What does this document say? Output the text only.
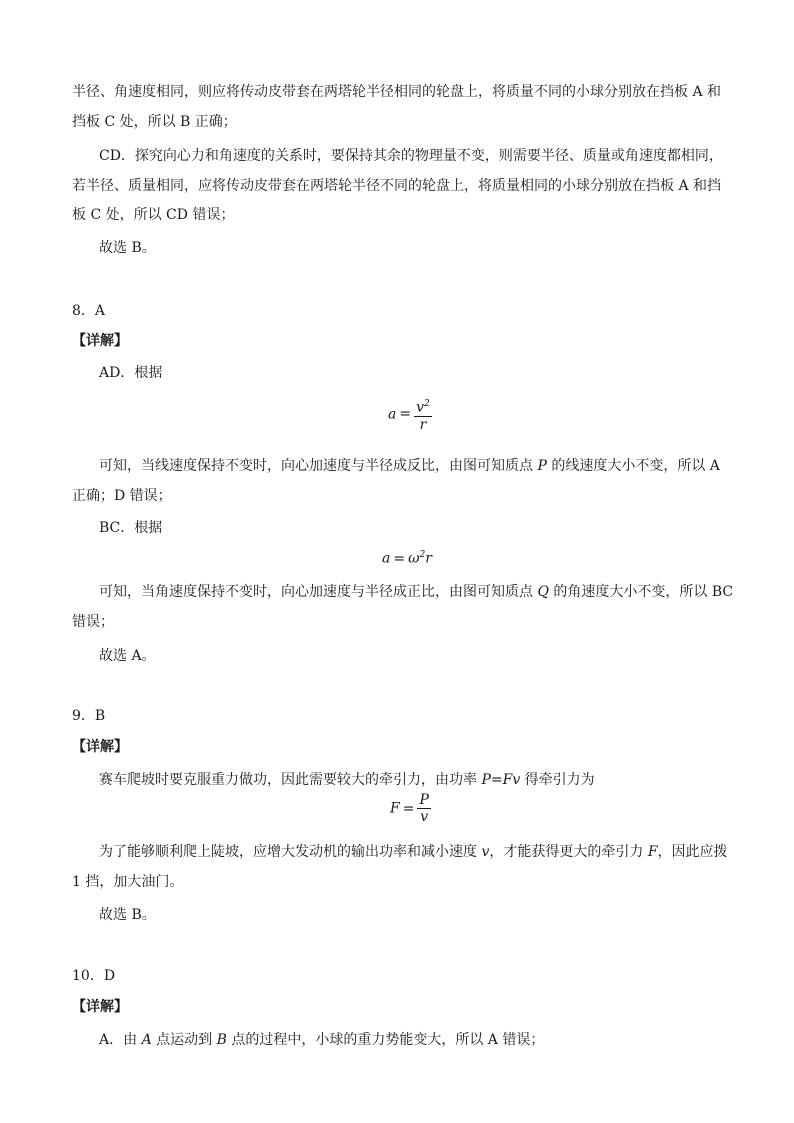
半径、角速度相同，则应将传动皮带套在两塔轮半径相同的轮盘上，将质量不同的小球分别放在挡板 A 和
挡板 C 处，所以 B 正确；
CD．探究向心力和角速度的关系时，要保持其余的物理量不变，则需要半径、质量或角速度都相同，
若半径、质量相同，应将传动皮带套在两塔轮半径不同的轮盘上，将质量相同的小球分别放在挡板 A 和挡
板 C 处，所以 CD 错误；
故选 B。
8．A
【详解】
AD．根据
$a = \frac{v^2}{r}$
可知，当线速度保持不变时，向心加速度与半径成反比，由图可知质点 P 的线速度大小不变，所以 A
正确；D 错误；
BC．根据
$a = \omega^2r$
可知，当角速度保持不变时，向心加速度与半径成正比，由图可知质点 Q 的角速度大小不变，所以 BC
错误；
故选 A。
9．B
【详解】
赛车爬坡时要克服重力做功，因此需要较大的牵引力，由功率 P=Fv 得牵引力为
$F = \frac{P}{v}$
为了能够顺利爬上陡坡，应增大发动机的输出功率和减小速度 v，才能获得更大的牵引力 F，因此应拨
1 挡，加大油门。
故选 B。
10．D
【详解】
A．由 A 点运动到 B 点的过程中，小球的重力势能变大，所以 A 错误；
